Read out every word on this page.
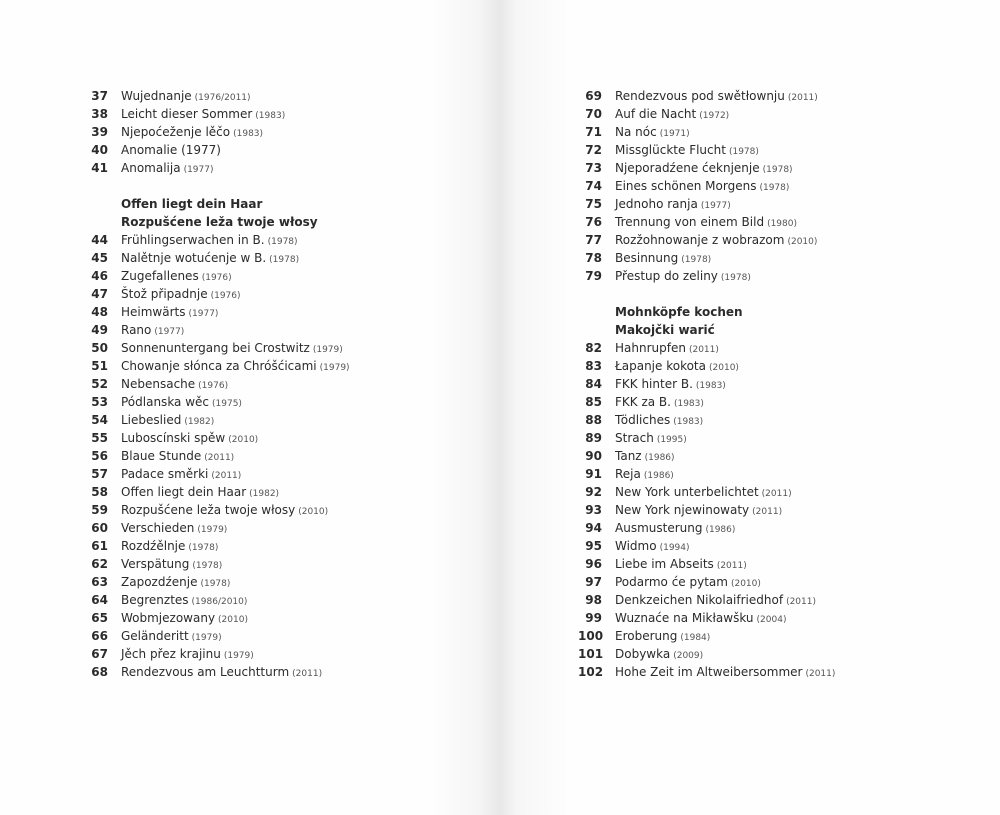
37 Wujednanje (1976/2011)
38 Leicht dieser Sommer (1983)
39 Njepoćeženje lěčo (1983)
40 Anomalie (1977)
41 Anomalija (1977)
Offen liegt dein Haar
Rozpušćene leža twoje włosy
44 Frühlingserwachen in B. (1978)
45 Nalětnje wotućenje w B. (1978)
46 Zugefallenes (1976)
47 Štož připadnje (1976)
48 Heimwärts (1977)
49 Rano (1977)
50 Sonnenuntergang bei Crostwitz (1979)
51 Chowanje słónca za Chróšćicami (1979)
52 Nebensache (1976)
53 Pódlanska wěc (1975)
54 Liebeslied (1982)
55 Luboscínski spěw (2010)
56 Blaue Stunde (2011)
57 Padace směrki (2011)
58 Offen liegt dein Haar (1982)
59 Rozpušćene leža twoje włosy (2010)
60 Verschieden (1979)
61 Rozdźělnje (1978)
62 Verspätung (1978)
63 Zapozdźenje (1978)
64 Begrenztes (1986/2010)
65 Wobmjezowany (2010)
66 Geländeritt (1979)
67 Jěch přez krajinu (1979)
68 Rendezvous am Leuchtturm (2011)
69 Rendezvous pod swětłownju (2011)
70 Auf die Nacht (1972)
71 Na nóc (1971)
72 Missglückte Flucht (1978)
73 Njeporadźene ćeknjenje (1978)
74 Eines schönen Morgens (1978)
75 Jednoho ranja (1977)
76 Trennung von einem Bild (1980)
77 Rozžohnowanje z wobrazom (2010)
78 Besinnung (1978)
79 Přestup do zeliny (1978)
Mohnköpfe kochen
Makojčki warić
82 Hahnrupfen (2011)
83 Łapanje kokota (2010)
84 FKK hinter B. (1983)
85 FKK za B. (1983)
88 Tödliches (1983)
89 Strach (1995)
90 Tanz (1986)
91 Reja (1986)
92 New York unterbelichtet (2011)
93 New York njewinowaty (2011)
94 Ausmusterung (1986)
95 Widmo (1994)
96 Liebe im Abseits (2011)
97 Podarmo će pytam (2010)
98 Denkzeichen Nikolaifriedhof (2011)
99 Wuznaće na Mikławšku (2004)
100 Eroberung (1984)
101 Dobywka (2009)
102 Hohe Zeit im Altweibersommer (2011)
